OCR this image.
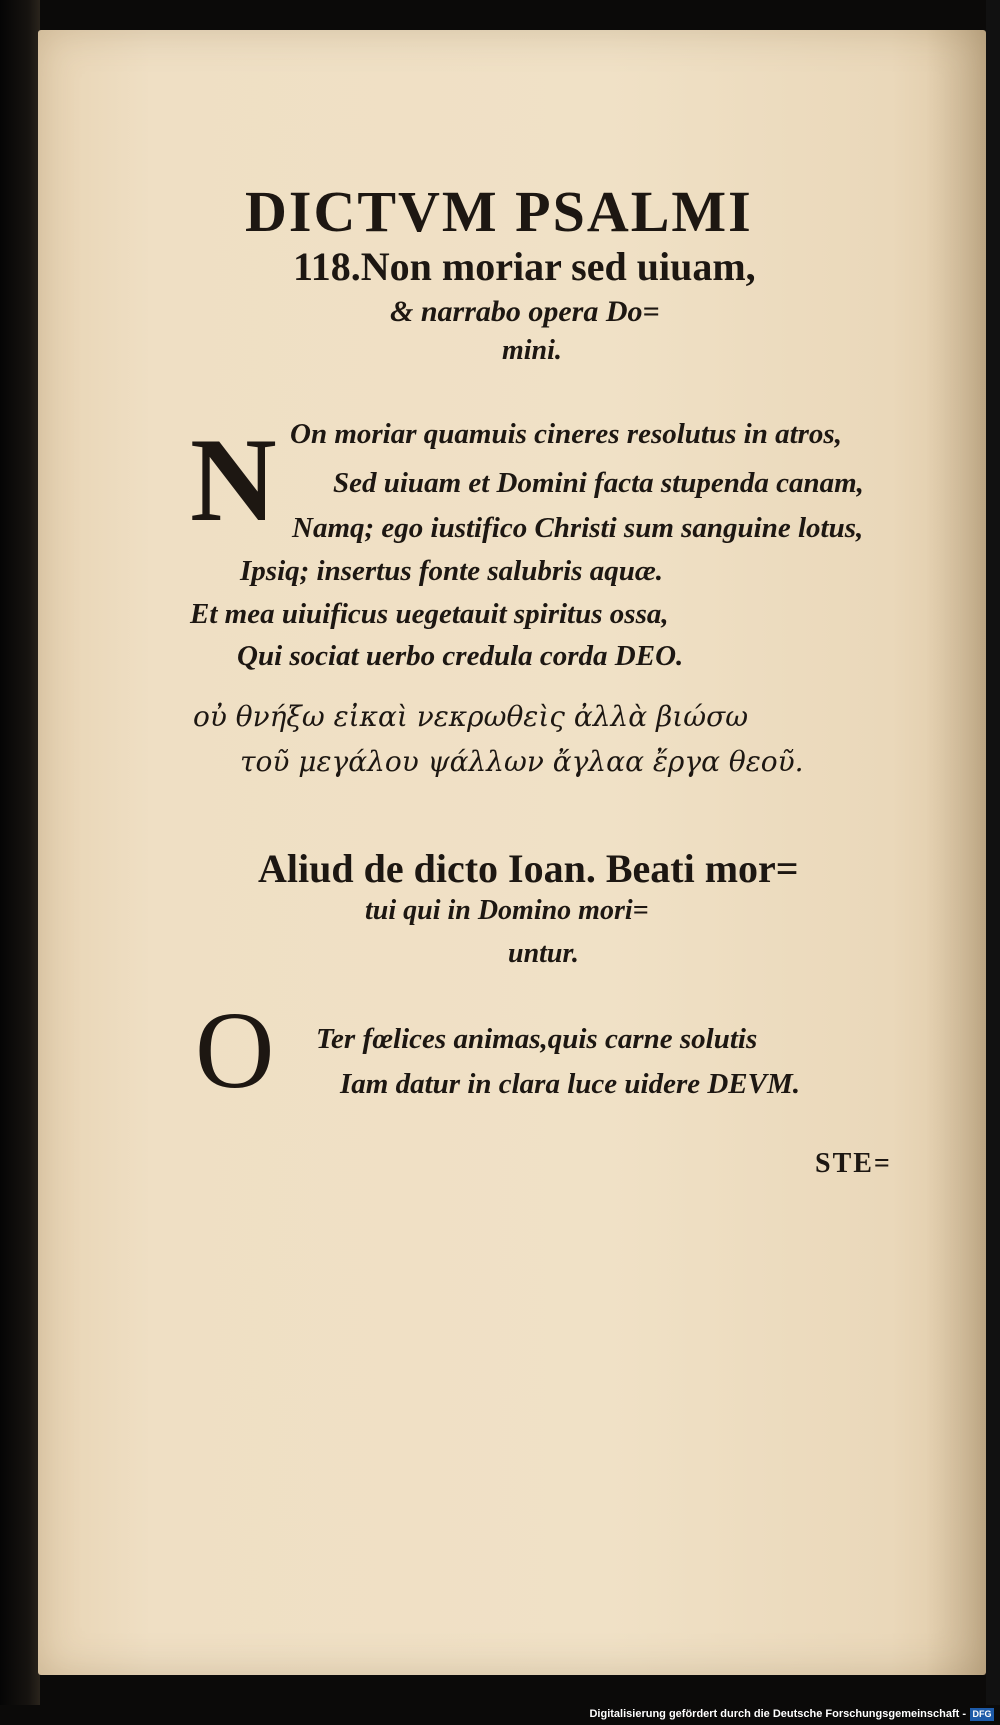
DICTVM PSALMI
118.Non moriar sed uiuam,
& narrabo opera Do=
mini.
N On moriar quamuis cineres resolutus in atros,
Sed uiuam et Domini facta stupenda canam,
Namq; ego iustifico Christi sum sanguine lotus,
Ipsiq; insertus fonte salubris aquæ.
Et mea uiuificus uegetauit spiritus ossa,
Qui sociat uerbo credula corda DEO.
οὐ θνήξω εἰκαὶ νεκρωθεὶς ἀλλὰ βιώσω
τοῦ μεγάλου ψάλλων ἄγλαα ἔργα θεοῦ.
Aliud de dicto Ioan. Beati mor=
tui qui in Domino mori=
untur.
O Ter fœlices animas,quis carne solutis
Iam datur in clara luce uidere DEVM.
STE=
Digitalisierung gefördert durch die Deutsche Forschungsgemeinschaft - DFG
